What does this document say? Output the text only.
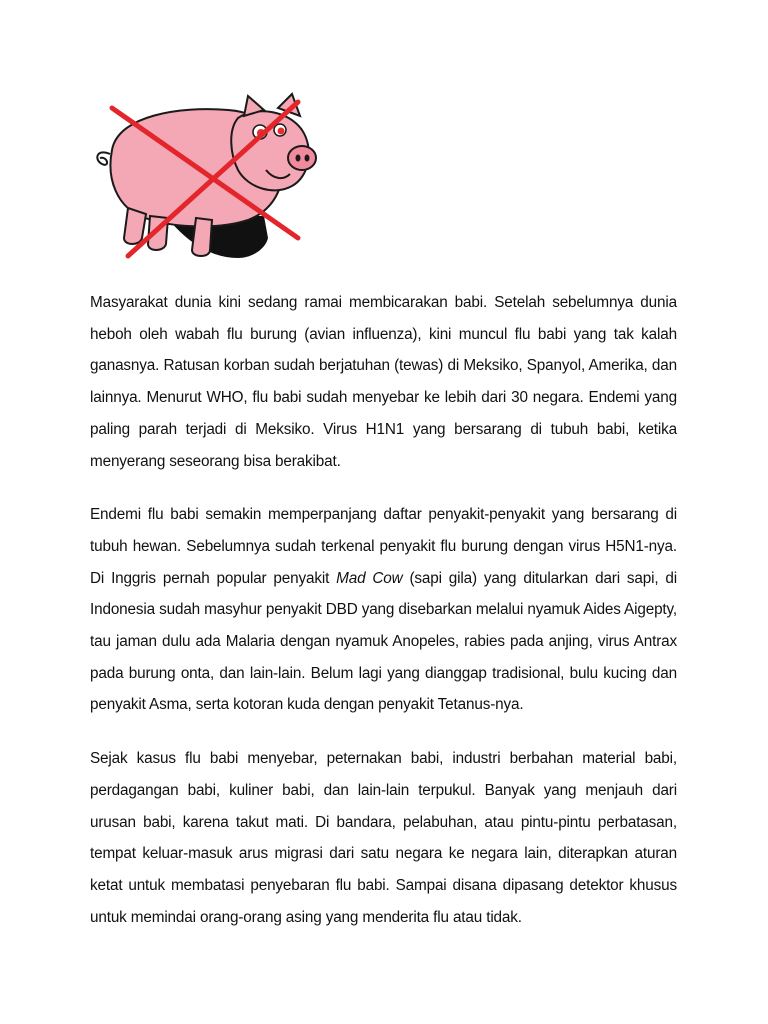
Masyarakat dunia kini sedang ramai membicarakan babi. Setelah sebelumnya dunia heboh oleh wabah flu burung (avian influenza), kini muncul flu babi yang tak kalah ganasnya. Ratusan korban sudah berjatuhan (tewas) di Meksiko, Spanyol, Amerika, dan lainnya. Menurut WHO, flu babi sudah menyebar ke lebih dari 30 negara. Endemi yang paling parah terjadi di Meksiko. Virus H1N1 yang bersarang di tubuh babi, ketika menyerang seseorang bisa berakibat.

Endemi flu babi semakin memperpanjang daftar penyakit-penyakit yang bersarang di tubuh hewan. Sebelumnya sudah terkenal penyakit flu burung dengan virus H5N1-nya. Di Inggris pernah popular penyakit Mad Cow (sapi gila) yang ditularkan dari sapi, di Indonesia sudah masyhur penyakit DBD yang disebarkan melalui nyamuk Aides Aigepty, tau jaman dulu ada Malaria dengan nyamuk Anopeles, rabies pada anjing, virus Antrax pada burung onta, dan lain-lain. Belum lagi yang dianggap tradisional, bulu kucing dan penyakit Asma, serta kotoran kuda dengan penyakit Tetanus-nya.

Sejak kasus flu babi menyebar, peternakan babi, industri berbahan material babi, perdagangan babi, kuliner babi, dan lain-lain terpukul. Banyak yang menjauh dari urusan babi, karena takut mati. Di bandara, pelabuhan, atau pintu-pintu perbatasan, tempat keluar-masuk arus migrasi dari satu negara ke negara lain, diterapkan aturan ketat untuk membatasi penyebaran flu babi. Sampai disana dipasang detektor khusus untuk memindai orang-orang asing yang menderita flu atau tidak.
